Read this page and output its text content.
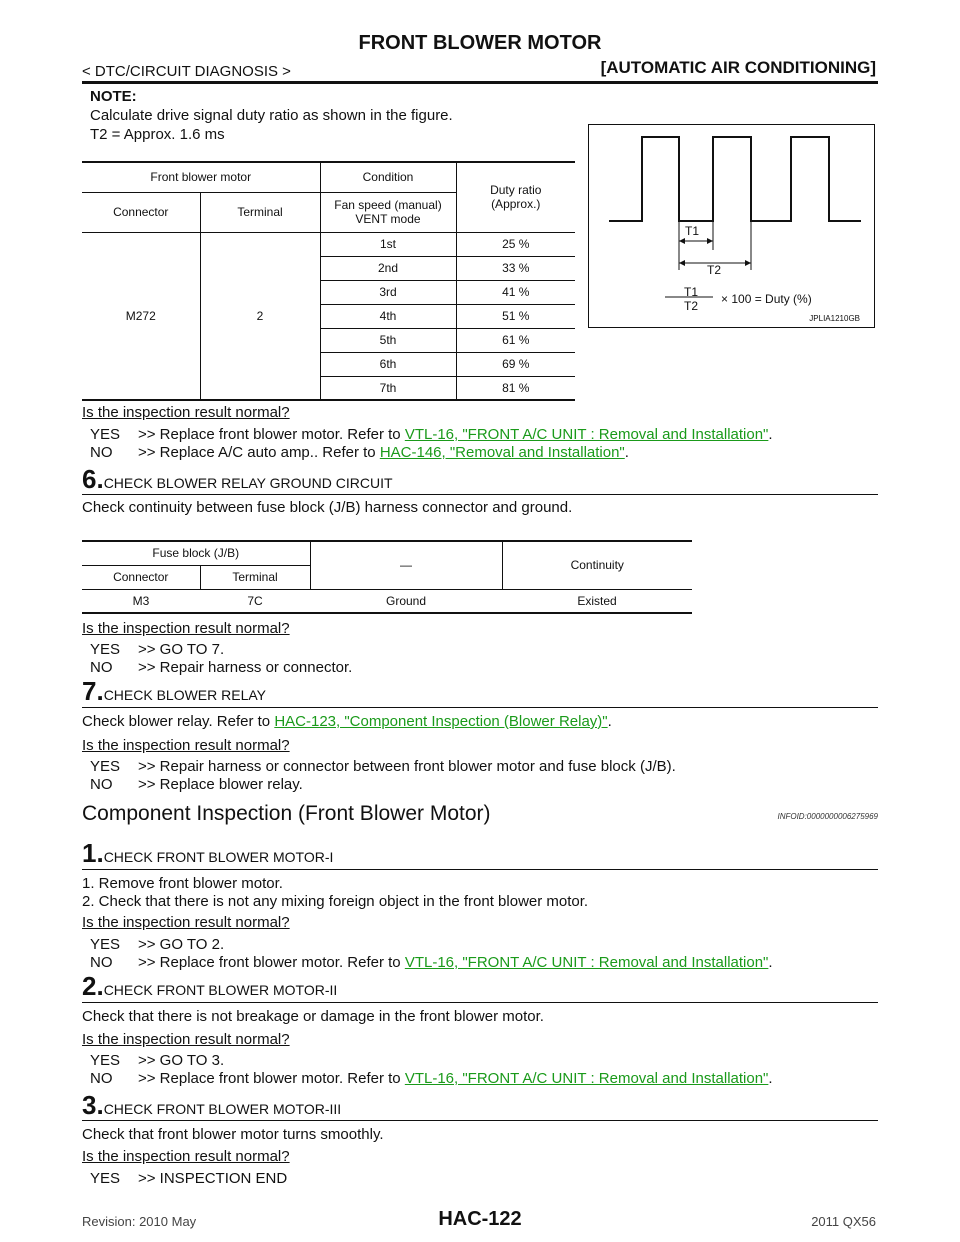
FRONT BLOWER MOTOR
< DTC/CIRCUIT DIAGNOSIS >	[AUTOMATIC AIR CONDITIONING]
NOTE:
Calculate drive signal duty ratio as shown in the figure.
T2 = Approx. 1.6 ms
T1
T2
T1
T2 × 100 = Duty (%)
JPLIA1210GB
Front blower motor		Condition	Duty ratio (Approx.)
Connector	Terminal	Fan speed (manual) VENT mode	
M272	2	1st	25 %
		2nd	33 %
		3rd	41 %
		4th	51 %
		5th	61 %
		6th	69 %
		7th	81 %
Is the inspection result normal?
YES >> Replace front blower motor. Refer to VTL-16, "FRONT A/C UNIT : Removal and Installation".
NO >> Replace A/C auto amp.. Refer to HAC-146, "Removal and Installation".
6.CHECK BLOWER RELAY GROUND CIRCUIT
Check continuity between fuse block (J/B) harness connector and ground.
Fuse block (J/B)		—	Continuity
Connector	Terminal		
M3	7C	Ground	Existed
Is the inspection result normal?
YES >> GO TO 7.
NO >> Repair harness or connector.
7.CHECK BLOWER RELAY
Check blower relay. Refer to HAC-123, "Component Inspection (Blower Relay)".
Is the inspection result normal?
YES >> Repair harness or connector between front blower motor and fuse block (J/B).
NO >> Replace blower relay.
Component Inspection (Front Blower Motor)	INFOID:0000000006275969
1.CHECK FRONT BLOWER MOTOR-I
1. Remove front blower motor.
2. Check that there is not any mixing foreign object in the front blower motor.
Is the inspection result normal?
YES >> GO TO 2.
NO >> Replace front blower motor. Refer to VTL-16, "FRONT A/C UNIT : Removal and Installation".
2.CHECK FRONT BLOWER MOTOR-II
Check that there is not breakage or damage in the front blower motor.
Is the inspection result normal?
YES >> GO TO 3.
NO >> Replace front blower motor. Refer to VTL-16, "FRONT A/C UNIT : Removal and Installation".
3.CHECK FRONT BLOWER MOTOR-III
Check that front blower motor turns smoothly.
Is the inspection result normal?
YES >> INSPECTION END
Revision: 2010 May	HAC-122	2011 QX56
